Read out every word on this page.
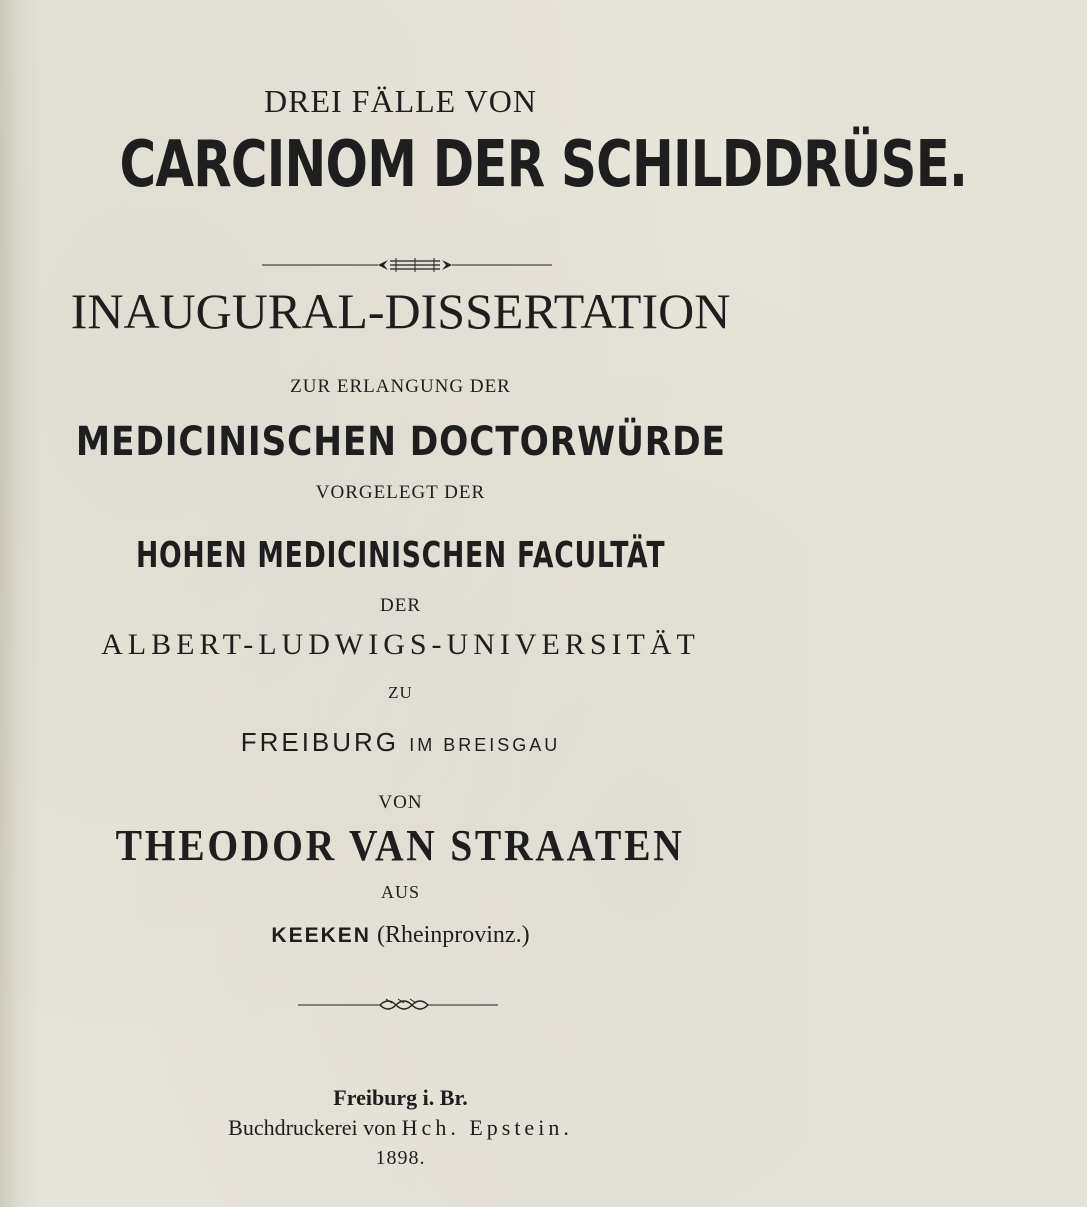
DREI FÄLLE VON
CARCINOM DER SCHILDDRÜSE.
INAUGURAL-DISSERTATION
ZUR ERLANGUNG DER
MEDICINISCHEN DOCTORWÜRDE
VORGELEGT DER
HOHEN MEDICINISCHEN FACULTÄT
DER
ALBERT-LUDWIGS-UNIVERSITÄT
ZU
FREIBURG IM BREISGAU
VON
THEODOR VAN STRAATEN
AUS
KEEKEN (Rheinprovinz.)
Freiburg i. Br.
Buchdruckerei von Hch. Epstein.
1898.
